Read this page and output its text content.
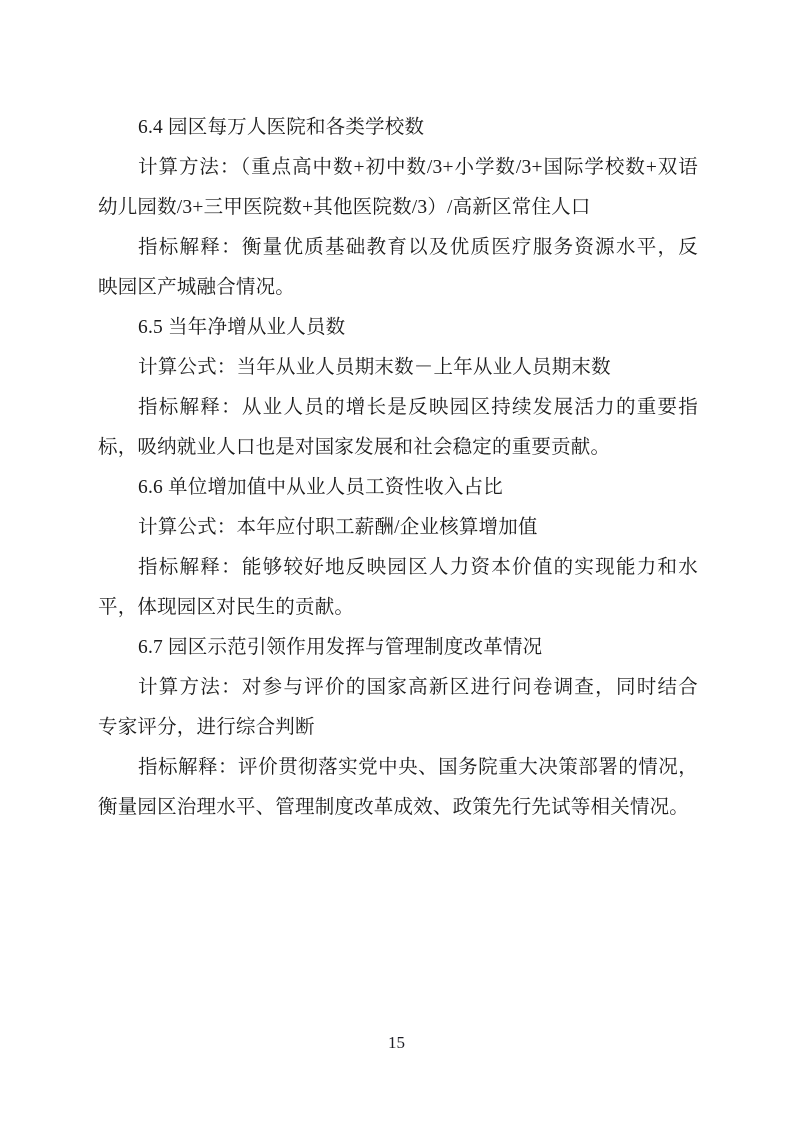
6.4 园区每万人医院和各类学校数
计算方法：（重点高中数+初中数/3+小学数/3+国际学校数+双语
幼儿园数/3+三甲医院数+其他医院数/3）/高新区常住人口
指标解释：衡量优质基础教育以及优质医疗服务资源水平，反
映园区产城融合情况。
6.5 当年净增从业人员数
计算公式：当年从业人员期末数－上年从业人员期末数
指标解释：从业人员的增长是反映园区持续发展活力的重要指
标，吸纳就业人口也是对国家发展和社会稳定的重要贡献。
6.6 单位增加值中从业人员工资性收入占比
计算公式：本年应付职工薪酬/企业核算增加值
指标解释：能够较好地反映园区人力资本价值的实现能力和水
平，体现园区对民生的贡献。
6.7 园区示范引领作用发挥与管理制度改革情况
计算方法：对参与评价的国家高新区进行问卷调查，同时结合
专家评分，进行综合判断
指标解释：评价贯彻落实党中央、国务院重大决策部署的情况，
衡量园区治理水平、管理制度改革成效、政策先行先试等相关情况。
15
